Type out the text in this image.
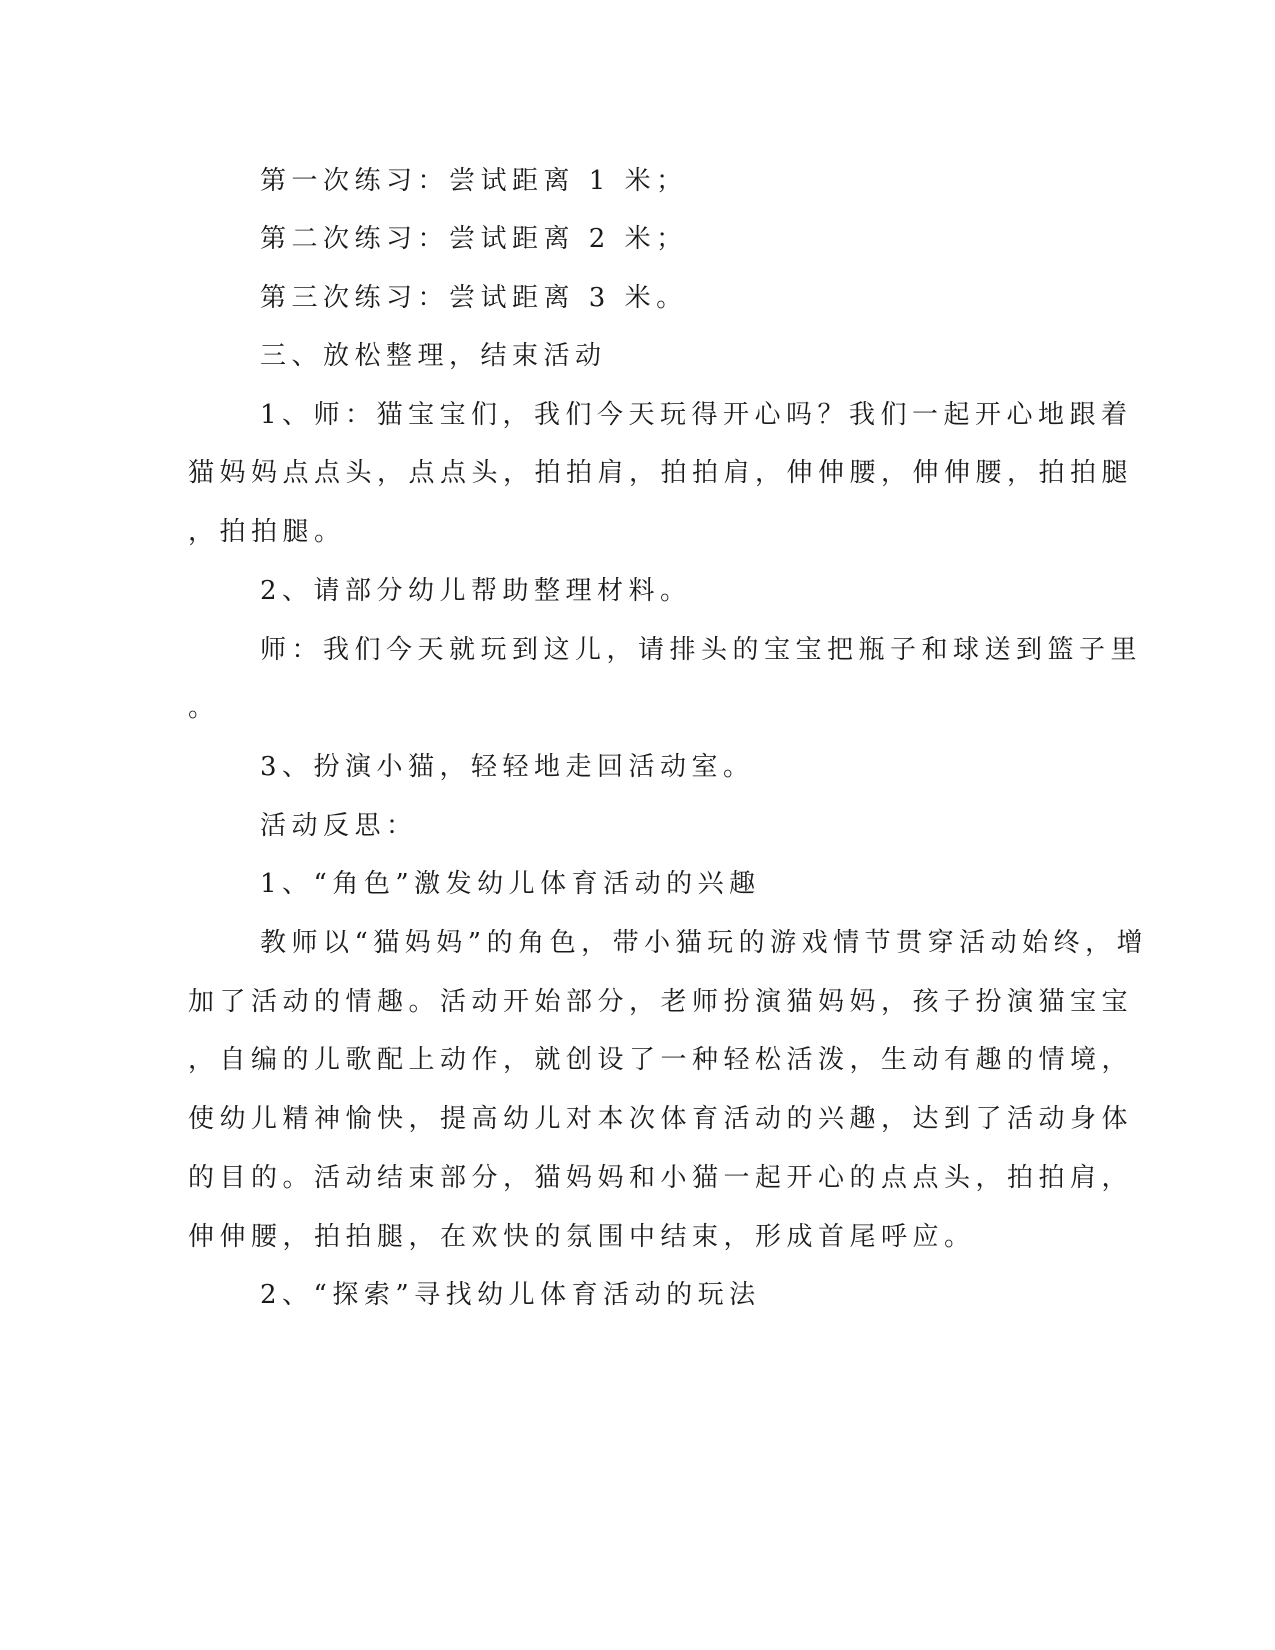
第一次练习：尝试距离 1 米；
第二次练习：尝试距离 2 米；
第三次练习：尝试距离 3 米。
三、放松整理，结束活动
1、师：猫宝宝们，我们今天玩得开心吗？我们一起开心地跟着
猫妈妈点点头，点点头，拍拍肩，拍拍肩，伸伸腰，伸伸腰，拍拍腿
，拍拍腿。
2、请部分幼儿帮助整理材料。
师：我们今天就玩到这儿，请排头的宝宝把瓶子和球送到篮子里
。
3、扮演小猫，轻轻地走回活动室。
活动反思：
1、“角色”激发幼儿体育活动的兴趣
教师以“猫妈妈”的角色，带小猫玩的游戏情节贯穿活动始终，增
加了活动的情趣。活动开始部分，老师扮演猫妈妈，孩子扮演猫宝宝
，自编的儿歌配上动作，就创设了一种轻松活泼，生动有趣的情境，
使幼儿精神愉快，提高幼儿对本次体育活动的兴趣，达到了活动身体
的目的。活动结束部分，猫妈妈和小猫一起开心的点点头，拍拍肩，
伸伸腰，拍拍腿，在欢快的氛围中结束，形成首尾呼应。
2、“探索”寻找幼儿体育活动的玩法
